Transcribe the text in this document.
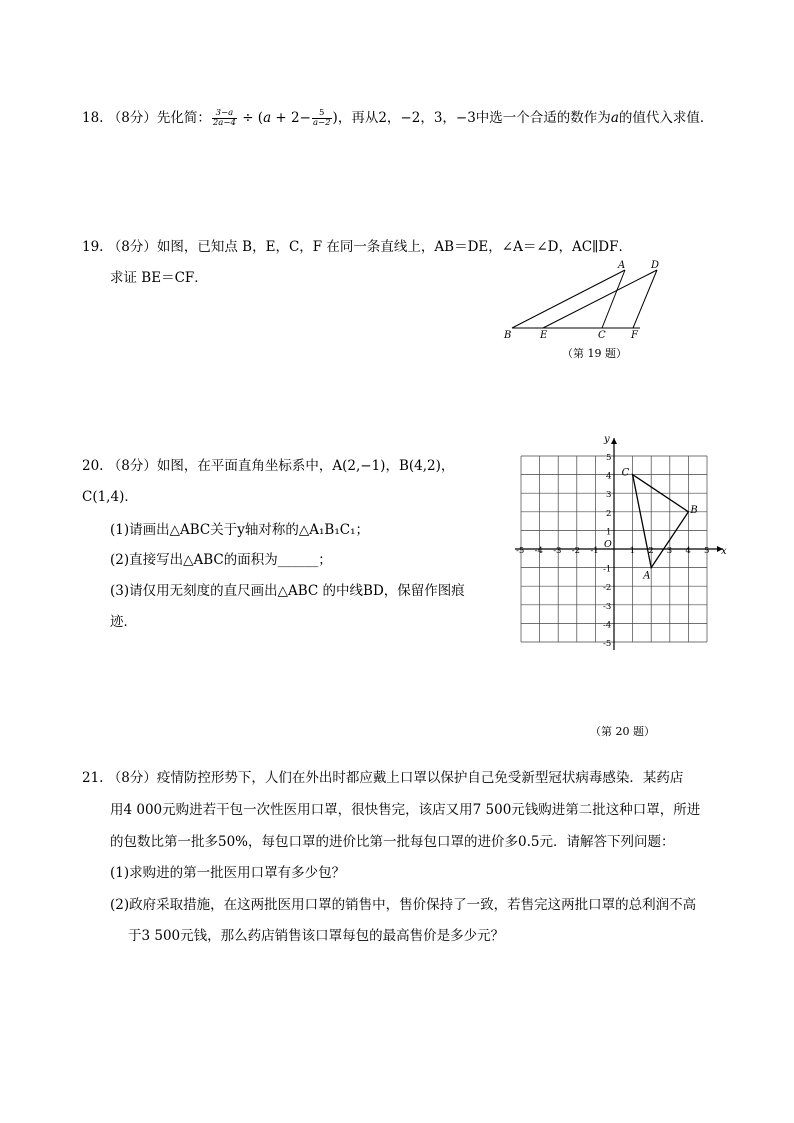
18. （8分）先化简： $\frac{3-a}{2a-4} \div (a + 2- \frac{5}{a-2}$ )，再从2，−2，3，−3中选一个合适的数作为a的值代入求值．
19. （8分）如图，已知点 B，E，C，F 在同一条直线上，AB＝DE，∠A＝∠D，AC∥DF．
求证 BE＝CF．
A	D
B	E	C	F
（第 19 题）
20. （8分）如图，在平面直角坐标系中，A(2,−1)，B(4,2)，
C(1,4)．
(1)请画出△ABC关于y轴对称的△A₁B₁C₁；
(2)直接写出△ABC的面积为______；
(3)请仅用无刻度的直尺画出△ABC 的中线BD，保留作图痕
迹．
x
y
O
-5 -4 -3 -2 -1	1 2 3 4 5
5
4
3
2
1
-1
-2
-3
-4
-5
A
B
C
（第 20 题）
21. （8分）疫情防控形势下，人们在外出时都应戴上口罩以保护自己免受新型冠状病毒感染．某药店
用4 000元购进若干包一次性医用口罩，很快售完，该店又用7 500元钱购进第二批这种口罩，所进
的包数比第一批多50%，每包口罩的进价比第一批每包口罩的进价多0.5元．请解答下列问题：
(1)求购进的第一批医用口罩有多少包？
(2)政府采取措施，在这两批医用口罩的销售中，售价保持了一致，若售完这两批口罩的总利润不高
于3 500元钱，那么药店销售该口罩每包的最高售价是多少元？
